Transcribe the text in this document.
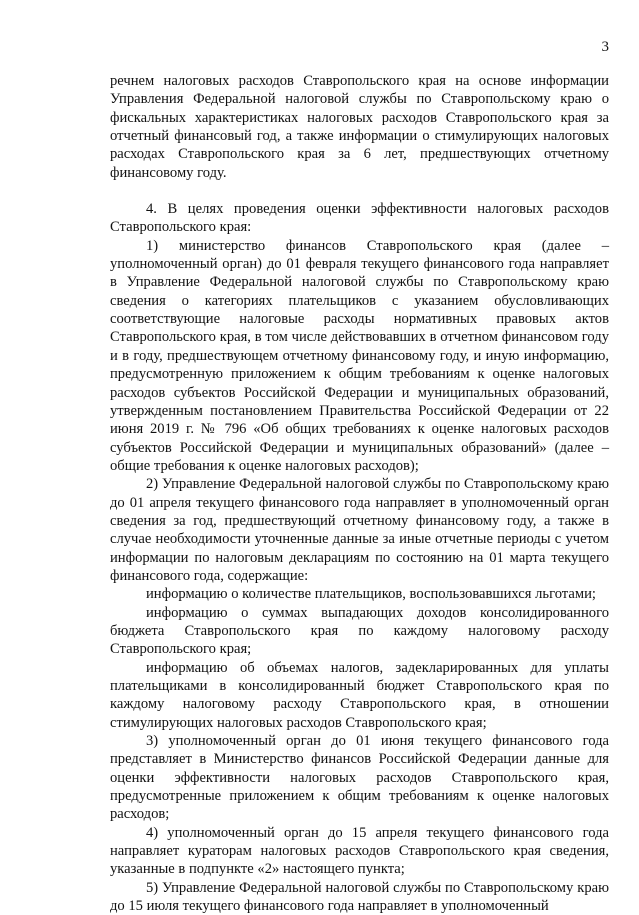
3

речнем налоговых расходов Ставропольского края на основе информации Управления Федеральной налоговой службы по Ставропольскому краю о фискальных характеристиках налоговых расходов Ставропольского края за отчетный финансовый год, а также информации о стимулирующих налоговых расходах Ставропольского края за 6 лет, предшествующих отчетному финансовому году.

4. В целях проведения оценки эффективности налоговых расходов Ставропольского края:

1) министерство финансов Ставропольского края (далее – уполномоченный орган) до 01 февраля текущего финансового года направляет в Управление Федеральной налоговой службы по Ставропольскому краю сведения о категориях плательщиков с указанием обусловливающих соответствующие налоговые расходы нормативных правовых актов Ставропольского края, в том числе действовавших в отчетном финансовом году и в году, предшествующем отчетному финансовому году, и иную информацию, предусмотренную приложением к общим требованиям к оценке налоговых расходов субъектов Российской Федерации и муниципальных образований, утвержденным постановлением Правительства Российской Федерации от 22 июня 2019 г. № 796 «Об общих требованиях к оценке налоговых расходов субъектов Российской Федерации и муниципальных образований» (далее – общие требования к оценке налоговых расходов);

2) Управление Федеральной налоговой службы по Ставропольскому краю до 01 апреля текущего финансового года направляет в уполномоченный орган сведения за год, предшествующий отчетному финансовому году, а также в случае необходимости уточненные данные за иные отчетные периоды с учетом информации по налоговым декларациям по состоянию на 01 марта текущего финансового года, содержащие:

информацию о количестве плательщиков, воспользовавшихся льготами;

информацию о суммах выпадающих доходов консолидированного бюджета Ставропольского края по каждому налоговому расходу Ставропольского края;

информацию об объемах налогов, задекларированных для уплаты плательщиками в консолидированный бюджет Ставропольского края по каждому налоговому расходу Ставропольского края, в отношении стимулирующих налоговых расходов Ставропольского края;

3) уполномоченный орган до 01 июня текущего финансового года представляет в Министерство финансов Российской Федерации данные для оценки эффективности налоговых расходов Ставропольского края, предусмотренные приложением к общим требованиям к оценке налоговых расходов;

4) уполномоченный орган до 15 апреля текущего финансового года направляет кураторам налоговых расходов Ставропольского края сведения, указанные в подпункте «2» настоящего пункта;

5) Управление Федеральной налоговой службы по Ставропольскому краю до 15 июля текущего финансового года направляет в уполномоченный
